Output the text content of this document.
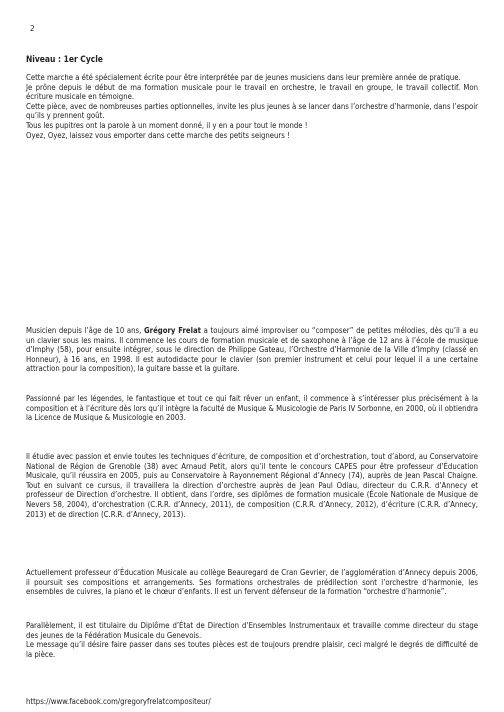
2
Niveau : 1er Cycle

Cette marche a été spécialement écrite pour être interprétée par de jeunes musiciens dans leur première année de pratique.

Je prône depuis le début de ma formation musicale pour le travail en orchestre, le travail en groupe, le travail collectif. Mon écriture musicale en témoigne.

Cette pièce, avec de nombreuses parties optionnelles, invite les plus jeunes à se lancer dans l’orchestre d’harmonie, dans l’espoir qu’ils y prennent goût.

Tous les pupitres ont la parole à un moment donné, il y en a pour tout le monde !

Oyez, Oyez, laissez vous emporter dans cette marche des petits seigneurs !

Musicien depuis l’âge de 10 ans, Grégory Frelat a toujours aimé improviser ou “composer” de petites mélodies, dès qu’il a eu un clavier sous les mains. Il commence les cours de formation musicale et de saxophone à l’âge de 12 ans à l’école de musique d’Imphy (58), pour ensuite intégrer, sous le direction de Philippe Gateau, l’Orchestre d’Harmonie de la Ville d’Imphy (classé en Honneur), à 16 ans, en 1998. Il est autodidacte pour le clavier (son premier instrument et celui pour lequel il a une certaine attraction pour la composition), la guitare basse et la guitare.

Passionné par les légendes, le fantastique et tout ce qui fait rêver un enfant, il commence à s’intéresser plus précisément à la composition et à l’écriture dès lors qu’il intègre la faculté de Musique & Musicologie de Paris IV Sorbonne, en 2000, où il obtiendra la Licence de Musique & Musicologie en 2003.

Il étudie avec passion et envie toutes les techniques d’écriture, de composition et d’orchestration, tout d’abord, au Conservatoire National de Région de Grenoble (38) avec Arnaud Petit, alors qu’il tente le concours CAPES pour être professeur d’Éducation Musicale, qu’il réussira en 2005, puis au Conservatoire à Rayonnement Régional d’Annecy (74), auprès de Jean Pascal Chaigne. Tout en suivant ce cursus, il travaillera la direction d’orchestre auprès de Jean Paul Odiau, directeur du C.R.R. d’Annecy et professeur de Direction d’orchestre. Il obtient, dans l’ordre, ses diplômes de formation musicale (École Nationale de Musique de Nevers 58, 2004), d’orchestration (C.R.R. d’Annecy, 2011), de composition (C.R.R. d’Annecy, 2012), d’écriture (C.R.R. d’Annecy, 2013) et de direction (C.R.R. d’Annecy, 2013).

Actuellement professeur d’Éducation Musicale au collège Beauregard de Cran Gevrier, de l’agglomération d’Annecy depuis 2006, il poursuit ses compositions et arrangements. Ses formations orchestrales de prédilection sont l’orchestre d’harmonie, les ensembles de cuivres, la piano et le chœur d’enfants. Il est un fervent défenseur de la formation “orchestre d’harmonie”.

Parallèlement, il est titulaire du Diplôme d’État de Direction d’Ensembles Instrumentaux et travaille comme directeur du stage des jeunes de la Fédération Musicale du Genevois.

Le message qu’il désire faire passer dans ses toutes pièces est de toujours prendre plaisir, ceci malgré le degrés de difficulté de la pièce.

https://www.facebook.com/gregoryfrelatcompositeur/
